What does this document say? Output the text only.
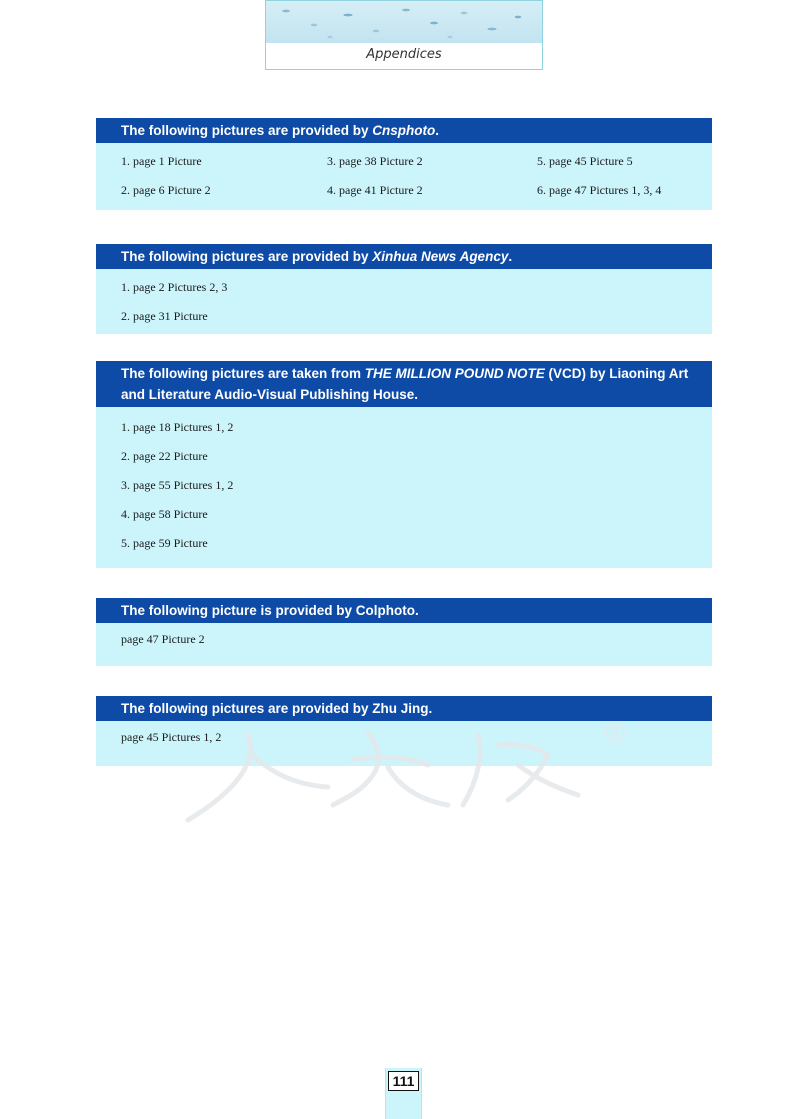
Appendices
The following pictures are provided by Cnsphoto.
1. page 1 Picture	3. page 38 Picture 2	5. page 45 Picture 5
2. page 6 Picture 2	4. page 41 Picture 2	6. page 47 Pictures 1, 3, 4
The following pictures are provided by Xinhua News Agency.
1. page 2 Pictures 2, 3
2. page 31 Picture
The following pictures are taken from THE MILLION POUND NOTE (VCD) by Liaoning Art and Literature Audio-Visual Publishing House.
1. page 18 Pictures 1, 2
2. page 22 Picture
3. page 55 Pictures 1, 2
4. page 58 Picture
5. page 59 Picture
The following picture is provided by Colphoto.
page 47 Picture 2
The following pictures are provided by Zhu Jing.
page 45 Pictures 1, 2
111
